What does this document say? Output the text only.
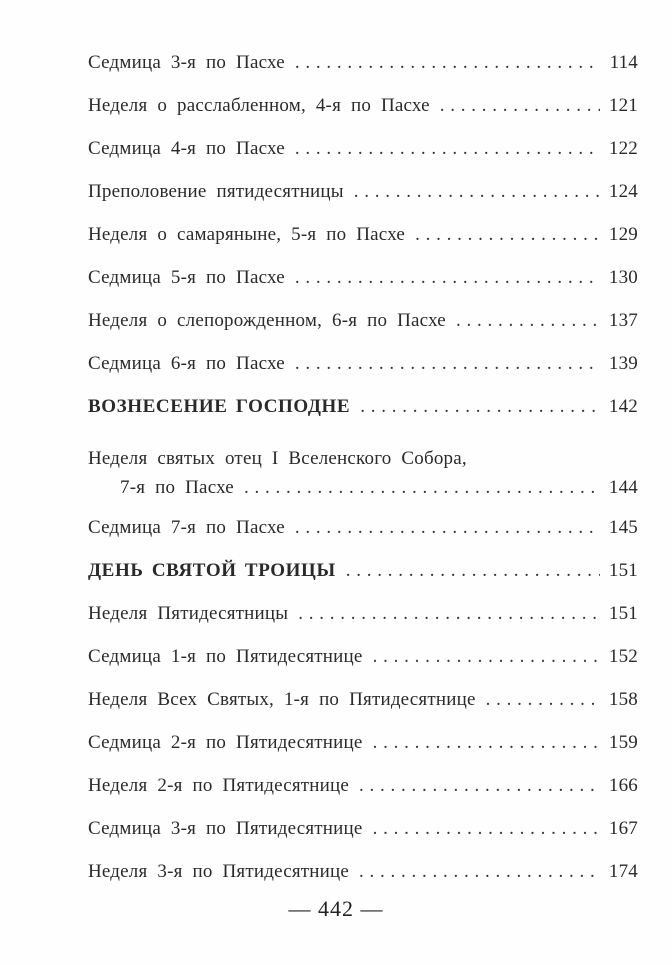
Седмица 3-я по Пасхе . . .	114
Неделя о расслабленном, 4-я по Пасхе . . .	121
Седмица 4-я по Пасхе . . .	122
Преполовение пятидесятницы . . .	124
Неделя о самаряныне, 5-я по Пасхе . . .	129
Седмица 5-я по Пасхе . . .	130
Неделя о слепорожденном, 6-я по Пасхе . . .	137
Седмица 6-я по Пасхе . . .	139
ВОЗНЕСЕНИЕ ГОСПОДНЕ . . .	142
Неделя святых отец I Вселенского Собора,
7-я по Пасхе . . .	144
Седмица 7-я по Пасхе . . .	145
ДЕНЬ СВЯТОЙ ТРОИЦЫ . . .	151
Неделя Пятидесятницы . . .	151
Седмица 1-я по Пятидесятнице . . .	152
Неделя Всех Святых, 1-я по Пятидесятнице . . .	158
Седмица 2-я по Пятидесятнице . . .	159
Неделя 2-я по Пятидесятнице . . .	166
Седмица 3-я по Пятидесятнице . . .	167
Неделя 3-я по Пятидесятнице . . .	174
— 442 —
